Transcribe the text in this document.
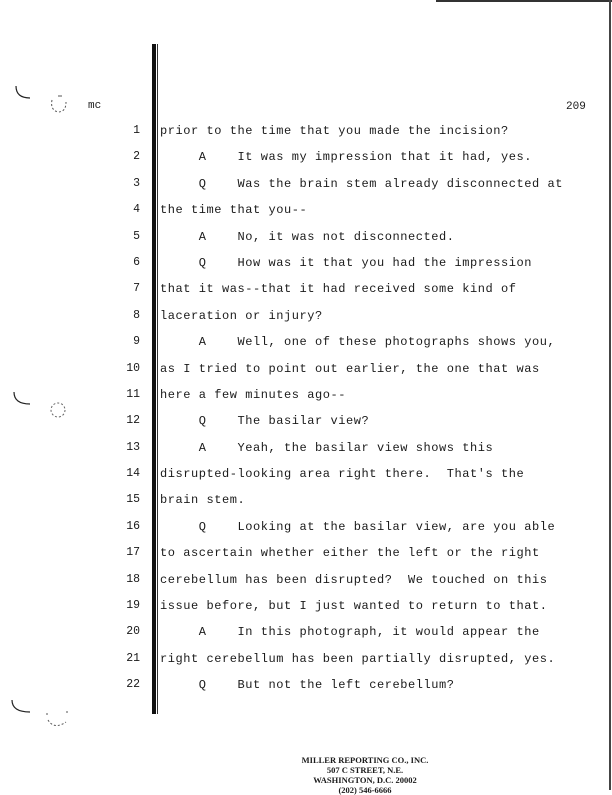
mc	209
1 prior to the time that you made the incision?
2 A    It was my impression that it had, yes.
3 Q    Was the brain stem already disconnected at
4 the time that you--
5 A    No, it was not disconnected.
6 Q    How was it that you had the impression
7 that it was--that it had received some kind of
8 laceration or injury?
9 A    Well, one of these photographs shows you,
10 as I tried to point out earlier, the one that was
11 here a few minutes ago--
12 Q    The basilar view?
13 A    Yeah, the basilar view shows this
14 disrupted-looking area right there.  That's the
15 brain stem.
16 Q    Looking at the basilar view, are you able
17 to ascertain whether either the left or the right
18 cerebellum has been disrupted?  We touched on this
19 issue before, but I just wanted to return to that.
20 A    In this photograph, it would appear the
21 right cerebellum has been partially disrupted, yes.
22 Q    But not the left cerebellum?
MILLER REPORTING CO., INC.
507 C STREET, N.E.
WASHINGTON, D.C. 20002
(202) 546-6666
